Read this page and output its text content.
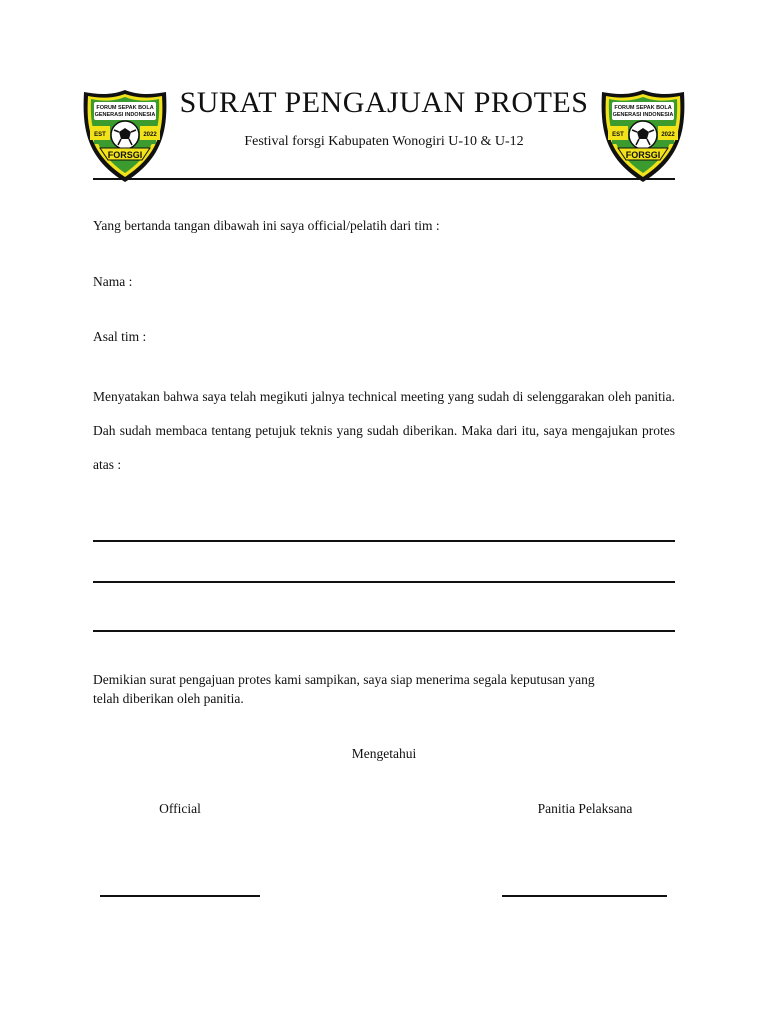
FORUM SEPAK BOLA
GENERASI INDONESIA
EST	2022
FORSGI
FORUM SEPAK BOLA
GENERASI INDONESIA
EST	2022
FORSGI
SURAT PENGAJUAN PROTES
Festival forsgi Kabupaten Wonogiri U-10 & U-12
Yang bertanda tangan dibawah ini saya official/pelatih dari tim :
Nama :
Asal tim :
Menyatakan bahwa saya telah megikuti jalnya technical meeting yang sudah di selenggarakan oleh panitia. Dah sudah membaca tentang petujuk teknis yang sudah diberikan. Maka dari itu, saya mengajukan protes atas :
Demikian surat pengajuan protes kami sampikan, saya siap menerima segala keputusan yang
telah diberikan oleh panitia.
Mengetahui
Official	Panitia Pelaksana
